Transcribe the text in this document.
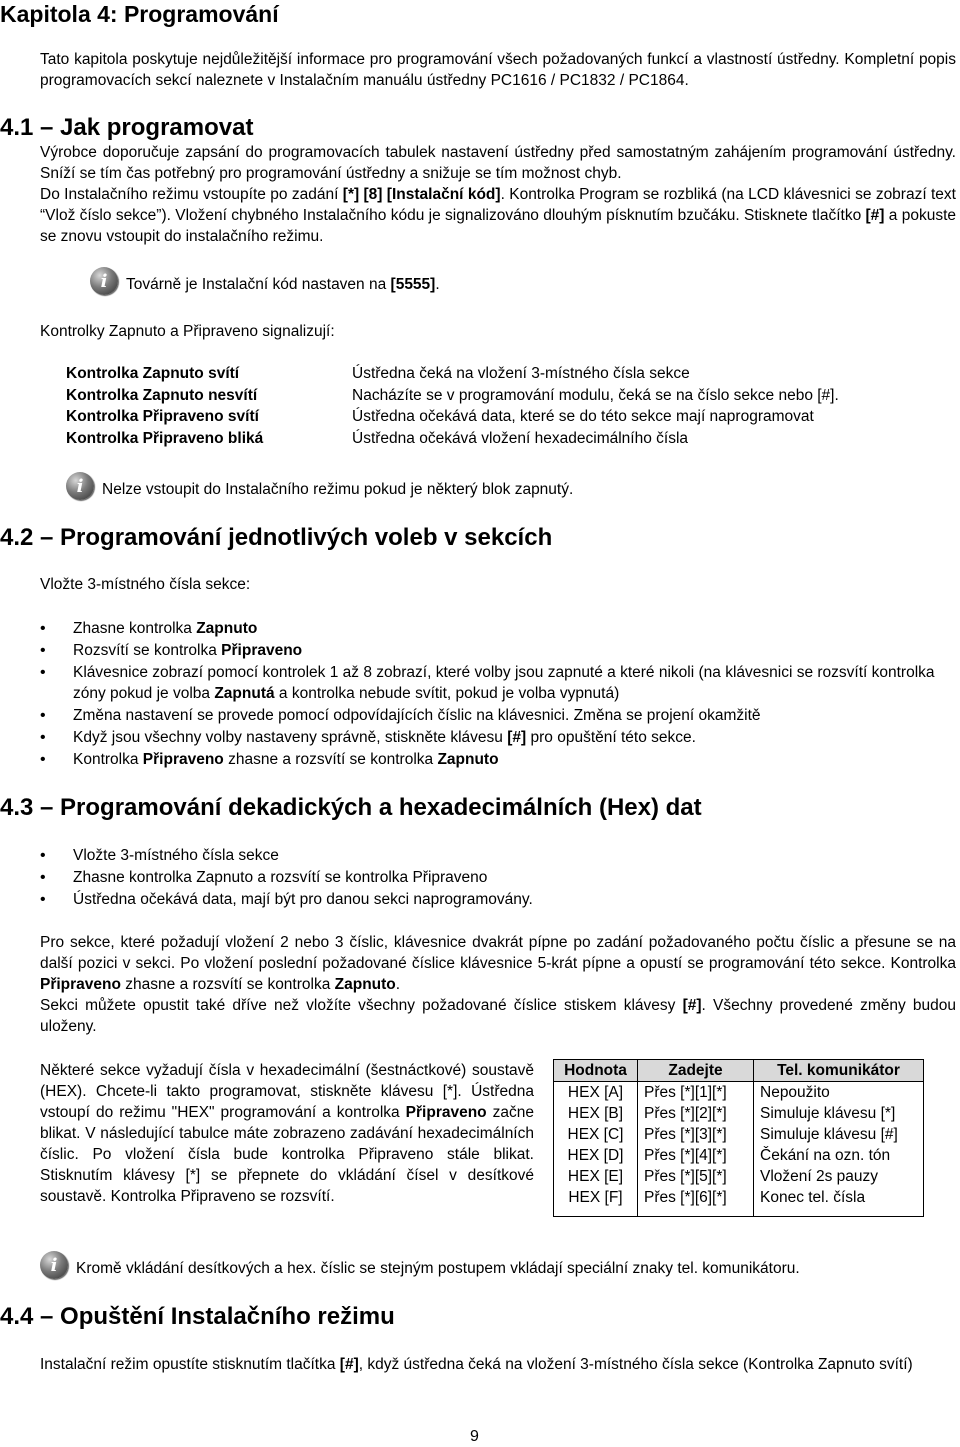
Kapitola 4: Programování

Tato kapitola poskytuje nejdůležitější informace pro programování všech požadovaných funkcí a vlastností ústředny. Kompletní popis programovacích sekcí naleznete v Instalačním manuálu ústředny PC1616 / PC1832 / PC1864.

4.1 – Jak programovat

Výrobce doporučuje zapsání do programovacích tabulek nastavení ústředny před samostatným zahájením programování ústředny. Sníží se tím čas potřebný pro programování ústředny a snižuje se tím možnost chyb.

Do Instalačního režimu vstoupíte po zadání [*] [8] [Instalační kód]. Kontrolka Program se rozbliká (na LCD klávesnici se zobrazí text “Vlož číslo sekce”). Vložení chybného Instalačního kódu je signalizováno dlouhým písknutím bzučáku. Stisknete tlačítko [#] a pokuste se znovu vstoupit do instalačního režimu.

i	Továrně je Instalační kód nastaven na [5555].

Kontrolky Zapnuto a Připraveno signalizují:

Kontrolka Zapnuto svítí	Ústředna čeká na vložení 3-místného čísla sekce
Kontrolka Zapnuto nesvítí	Nacházíte se v programování modulu, čeká se na číslo sekce nebo [#].
Kontrolka Připraveno svítí	Ústředna očekává data, které se do této sekce mají naprogramovat
Kontrolka Připraveno bliká	Ústředna očekává vložení hexadecimálního čísla
i	Nelze vstoupit do Instalačního režimu pokud je některý blok zapnutý.
4.2 – Programování jednotlivých voleb v sekcích

Vložte 3-místného čísla sekce:

• Zhasne kontrolka Zapnuto
• Rozsvítí se kontrolka Připraveno
• Klávesnice zobrazí pomocí kontrolek 1 až 8 zobrazí, které volby jsou zapnuté a které nikoli (na klávesnici se rozsvítí kontrolka zóny pokud je volba Zapnutá a kontrolka nebude svítit, pokud je volba vypnutá)
• Změna nastavení se provede pomocí odpovídajících číslic na klávesnici. Změna se projení okamžitě
• Když jsou všechny volby nastaveny správně, stiskněte klávesu [#] pro opuštění této sekce.
• Kontrolka Připraveno zhasne a rozsvítí se kontrolka Zapnuto
4.3 – Programování dekadických a hexadecimálních (Hex) dat
• Vložte 3-místného čísla sekce
• Zhasne kontrolka Zapnuto a rozsvítí se kontrolka Připraveno
• Ústředna očekává data, mají být pro danou sekci naprogramovány.

Pro sekce, které požadují vložení 2 nebo 3 číslic, klávesnice dvakrát pípne po zadání požadovaného počtu číslic a přesune se na další pozici v sekci. Po vložení poslední požadované číslice klávesnice 5-krát pípne a opustí se programování této sekce. Kontrolka Připraveno zhasne a rozsvítí se kontrolka Zapnuto.

Sekci můžete opustit také dříve než vložíte všechny požadované číslice stiskem klávesy [#]. Všechny provedené změny budou uloženy.

Některé sekce vyžadují čísla v hexadecimální (šestnáctkové) soustavě (HEX). Chcete-li takto programovat, stiskněte klávesu [*]. Ústředna vstoupí do režimu "HEX" programování a kontrolka Připraveno začne blikat. V následující tabulce máte zobrazeno zadávání hexadecimálních číslic. Po vložení čísla bude kontrolka Připraveno stále blikat. Stisknutím klávesy [*] se přepnete do vkládání čísel v desítkové soustavě. Kontrolka Připraveno se rozsvítí.

Hodnota	Zadejte	Tel. komunikátor
HEX [A]	Přes [*][1][*]	Nepoužito
HEX [B]	Přes [*][2][*]	Simuluje klávesu [*]
HEX [C]	Přes [*][3][*]	Simuluje klávesu [#]
HEX [D]	Přes [*][4][*]	Čekání na ozn. tón
HEX [E]	Přes [*][5][*]	Vložení 2s pauzy
HEX [F]	Přes [*][6][*]	Konec tel. čísla
i	Kromě vkládání desítkových a hex. číslic se stejným postupem vkládají speciální znaky tel. komunikátoru.
4.4 – Opuštění Instalačního režimu

Instalační režim opustíte stisknutím tlačítka [#], když ústředna čeká na vložení 3-místného čísla sekce (Kontrolka Zapnuto svítí)

9
